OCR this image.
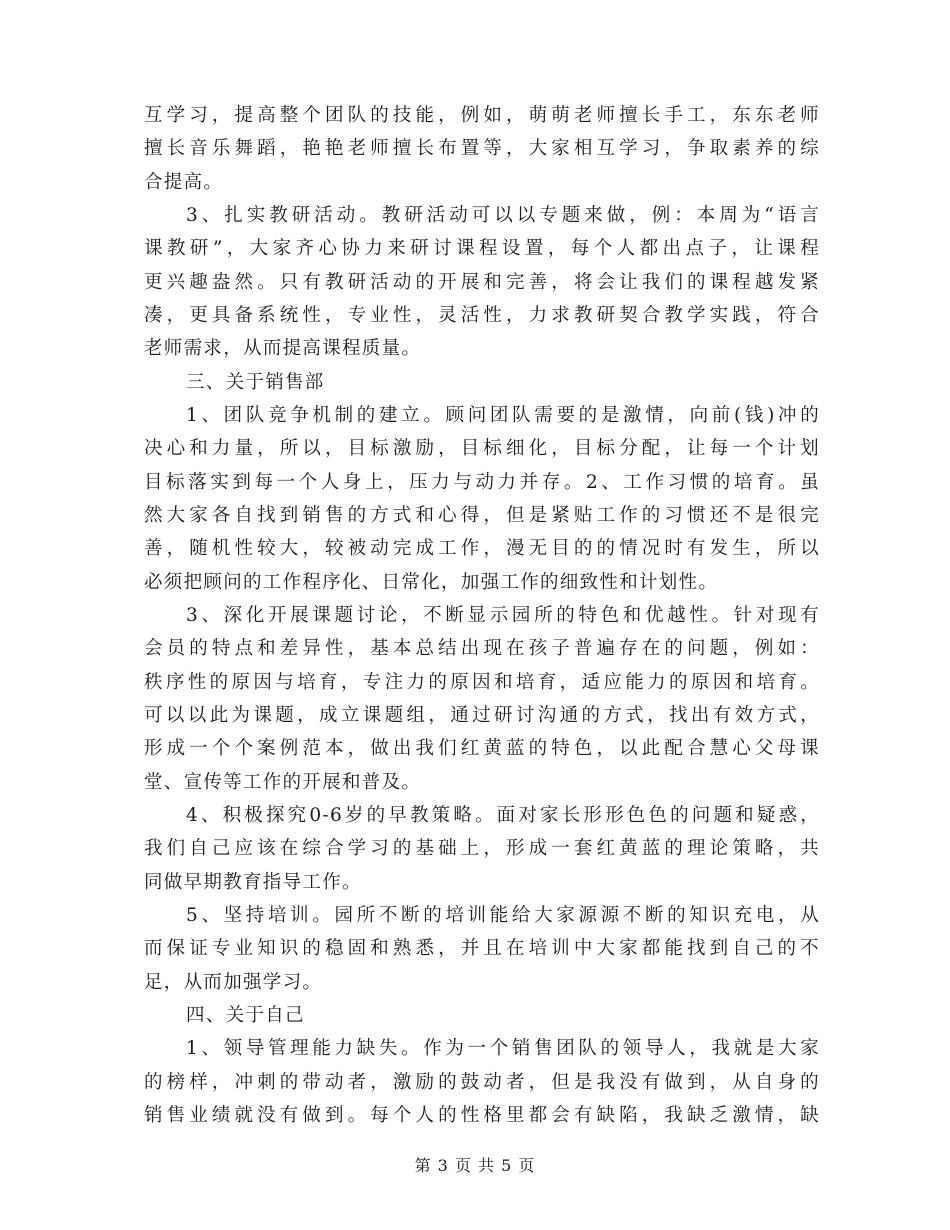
互学习，提高整个团队的技能，例如，萌萌老师擅长手工，东东老师
擅长音乐舞蹈，艳艳老师擅长布置等，大家相互学习，争取素养的综
合提高。
3、扎实教研活动。教研活动可以以专题来做，例：本周为“语言
课教研”，大家齐心协力来研讨课程设置，每个人都出点子，让课程
更兴趣盎然。只有教研活动的开展和完善，将会让我们的课程越发紧
凑，更具备系统性，专业性，灵活性，力求教研契合教学实践，符合
老师需求，从而提高课程质量。
三、关于销售部
1、团队竞争机制的建立。顾问团队需要的是激情，向前(钱)冲的
决心和力量，所以，目标激励，目标细化，目标分配，让每一个计划
目标落实到每一个人身上，压力与动力并存。2、工作习惯的培育。虽
然大家各自找到销售的方式和心得，但是紧贴工作的习惯还不是很完
善，随机性较大，较被动完成工作，漫无目的的情况时有发生，所以
必须把顾问的工作程序化、日常化，加强工作的细致性和计划性。
3、深化开展课题讨论，不断显示园所的特色和优越性。针对现有
会员的特点和差异性，基本总结出现在孩子普遍存在的问题，例如：
秩序性的原因与培育，专注力的原因和培育，适应能力的原因和培育。
可以以此为课题，成立课题组，通过研讨沟通的方式，找出有效方式，
形成一个个案例范本，做出我们红黄蓝的特色，以此配合慧心父母课
堂、宣传等工作的开展和普及。
4、积极探究0-6岁的早教策略。面对家长形形色色的问题和疑惑，
我们自己应该在综合学习的基础上，形成一套红黄蓝的理论策略，共
同做早期教育指导工作。
5、坚持培训。园所不断的培训能给大家源源不断的知识充电，从
而保证专业知识的稳固和熟悉，并且在培训中大家都能找到自己的不
足，从而加强学习。
四、关于自己
1、领导管理能力缺失。作为一个销售团队的领导人，我就是大家
的榜样，冲刺的带动者，激励的鼓动者，但是我没有做到，从自身的
销售业绩就没有做到。每个人的性格里都会有缺陷，我缺乏激情，缺
第 3 页 共 5 页
